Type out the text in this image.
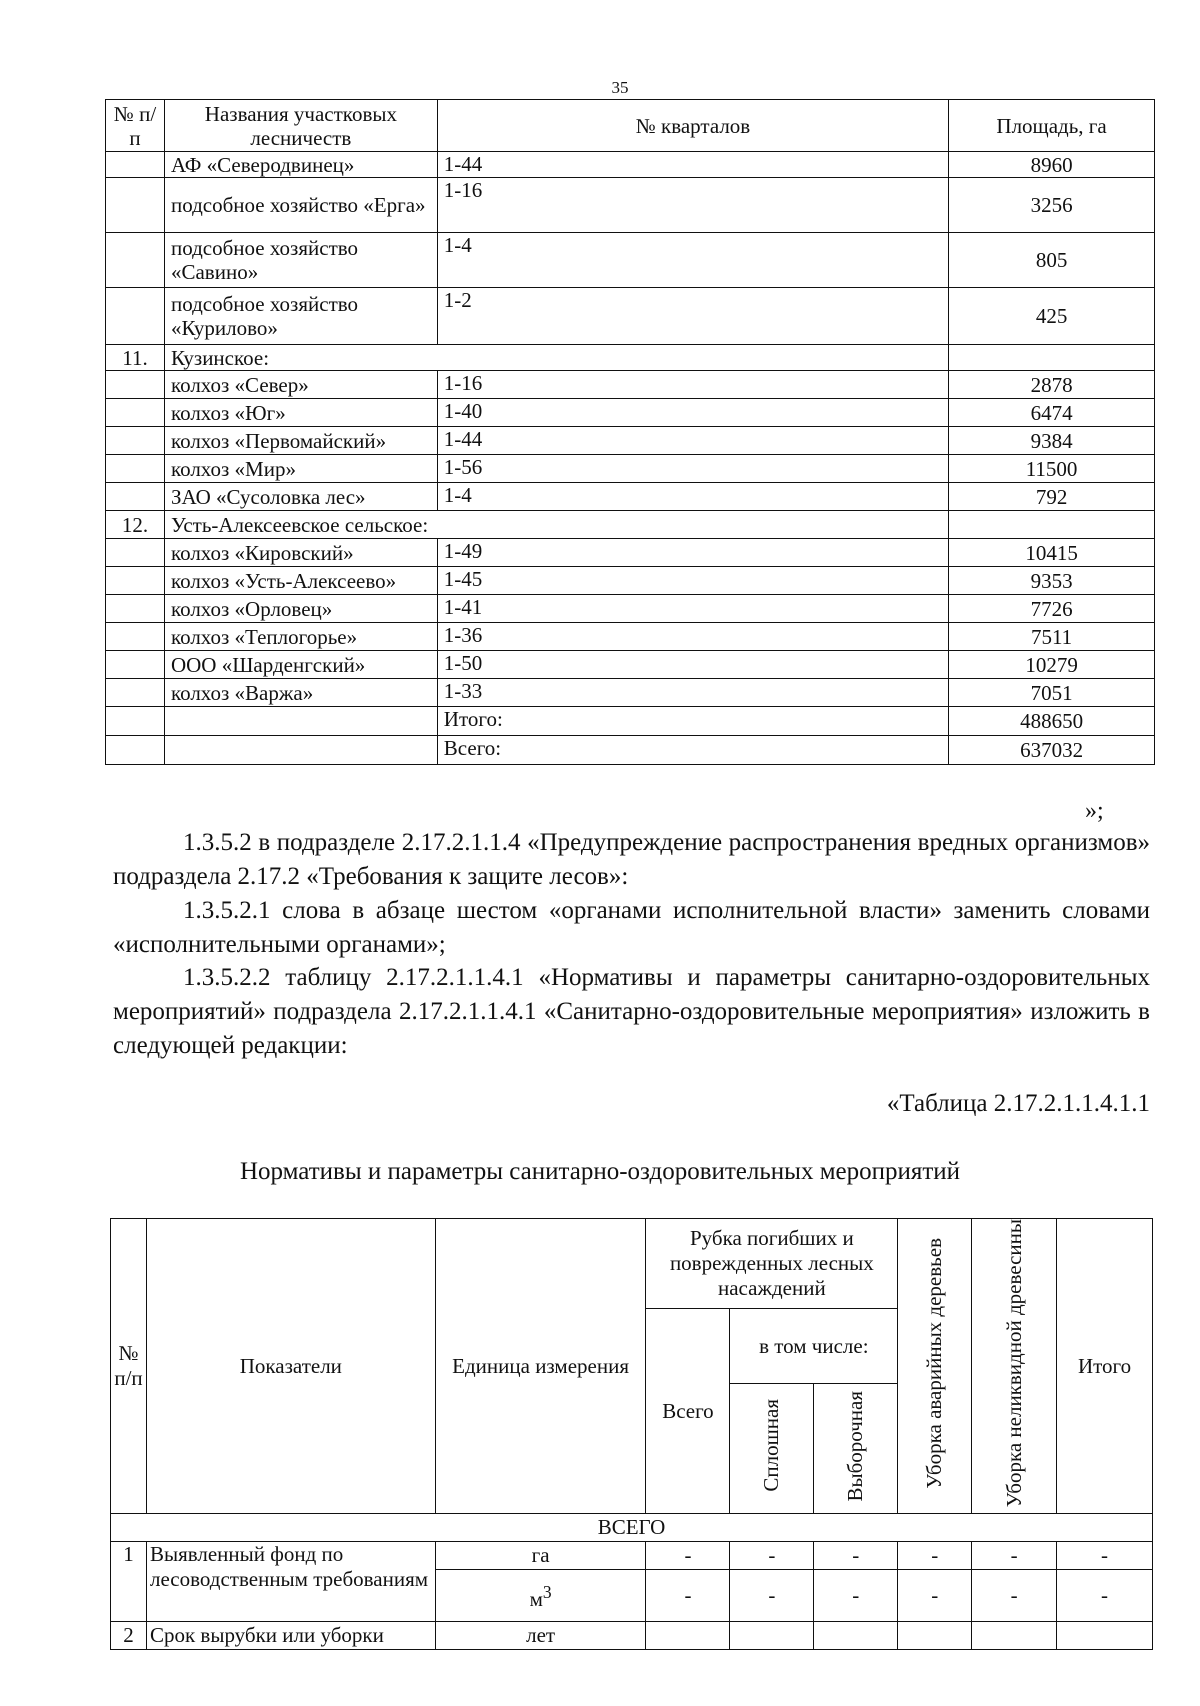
35
№ п/п	Названия участковых лесничеств	№ кварталов	Площадь, га
	АФ «Северодвинец»	1-44	8960
	подсобное хозяйство «Ерга»	1-16	3256
	подсобное хозяйство «Савино»	1-4	805
	подсобное хозяйство «Курилово»	1-2	425
11.	Кузинское:		
	колхоз «Север»	1-16	2878
	колхоз «Юг»	1-40	6474
	колхоз «Первомайский»	1-44	9384
	колхоз «Мир»	1-56	11500
	ЗАО «Сусоловка лес»	1-4	792
12.	Усть-Алексеевское сельское:		
	колхоз «Кировский»	1-49	10415
	колхоз «Усть-Алексеево»	1-45	9353
	колхоз «Орловец»	1-41	7726
	колхоз «Теплогорье»	1-36	7511
	ООО «Шарденгский»	1-50	10279
	колхоз «Варжа»	1-33	7051
		Итого:	488650
		Всего:	637032
»;
1.3.5.2 в подразделе 2.17.2.1.1.4 «Предупреждение распространения вредных организмов» подраздела 2.17.2 «Требования к защите лесов»:
1.3.5.2.1 слова в абзаце шестом «органами исполнительной власти» заменить словами «исполнительными органами»;
1.3.5.2.2 таблицу 2.17.2.1.1.4.1 «Нормативы и параметры санитарно-оздоровительных мероприятий» подраздела 2.17.2.1.1.4.1 «Санитарно-оздоровительные мероприятия» изложить в следующей редакции:
«Таблица 2.17.2.1.1.4.1.1
Нормативы и параметры санитарно-оздоровительных мероприятий
№ п/п	Показатели	Единица измерения	Рубка погибших и поврежденных лесных насаждений			Уборка аварийных деревьев	Уборка неликвидной древесины	Итого
			Всего	в том числе:				
				Сплошная	Выборочная			
ВСЕГО								
1	Выявленный фонд по лесоводственным требованиям	га	-	-	-	-	-	-
		$м^3$	-	-	-	-	-	-
2	Срок вырубки или уборки	лет						
